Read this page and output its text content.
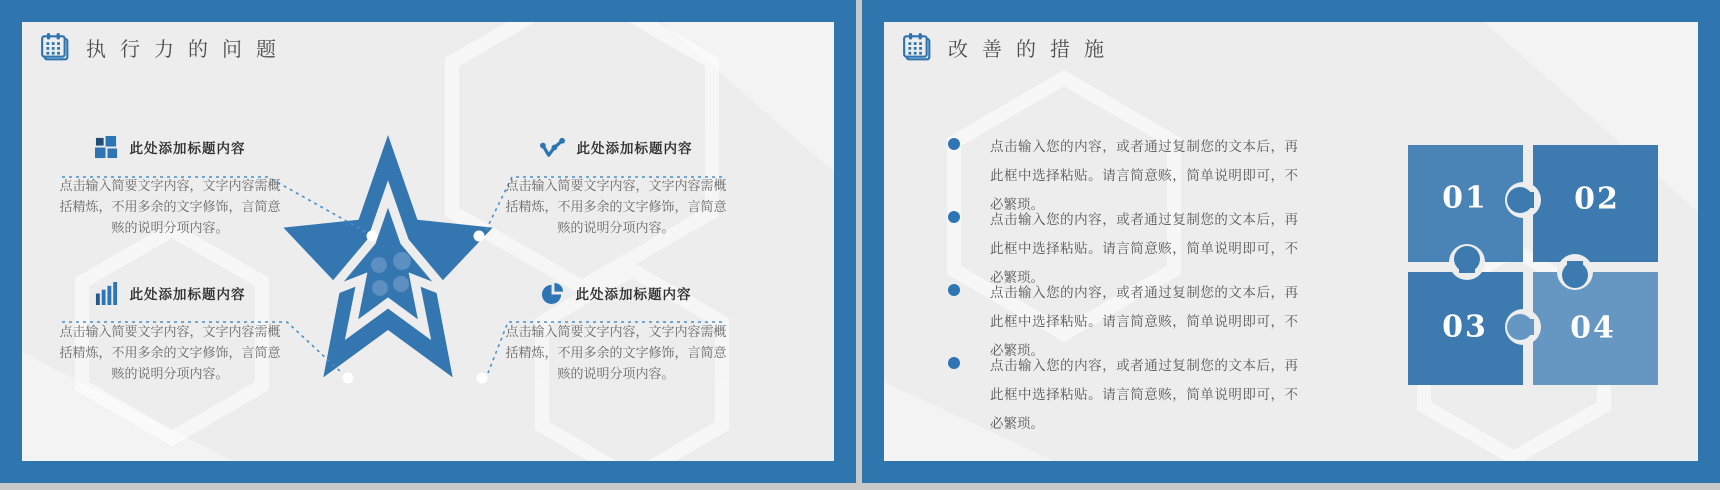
执行力的问题
此处添加标题内容
点击输入简要文字内容，文字内容需概括精炼，不用多余的文字修饰，言简意赅的说明分项内容。
此处添加标题内容
点击输入简要文字内容，文字内容需概括精炼，不用多余的文字修饰，言简意赅的说明分项内容。
此处添加标题内容
点击输入简要文字内容，文字内容需概括精炼，不用多余的文字修饰，言简意赅的说明分项内容。
此处添加标题内容
点击输入简要文字内容，文字内容需概括精炼，不用多余的文字修饰，言简意赅的说明分项内容。
改善的措施
点击输入您的内容，或者通过复制您的文本后，再此框中选择粘贴。请言简意赅，简单说明即可，不必繁琐。
点击输入您的内容，或者通过复制您的文本后，再此框中选择粘贴。请言简意赅，简单说明即可，不必繁琐。
点击输入您的内容，或者通过复制您的文本后，再此框中选择粘贴。请言简意赅，简单说明即可，不必繁琐。
点击输入您的内容，或者通过复制您的文本后，再此框中选择粘贴。请言简意赅，简单说明即可，不必繁琐。
01	02
03	04
